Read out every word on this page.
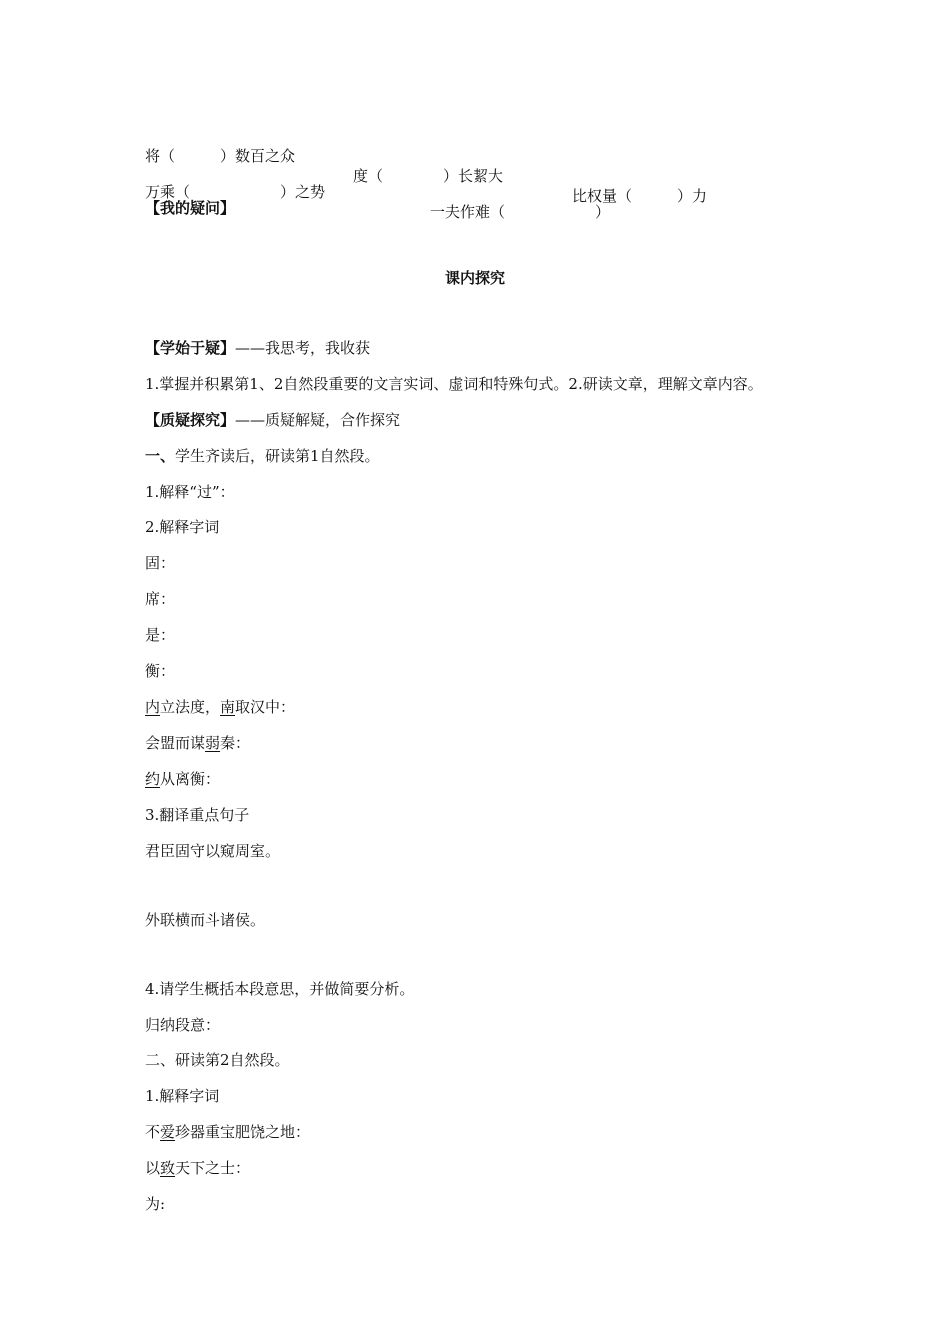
将（　　　）数百之众

度（　　　　）长絜大

比权量（　　　）力

万乘（　　　　　　）之势

一夫作难（　　　　　　）

【我的疑问】
课内探究
【学始于疑】——我思考，我收获
1.掌握并积累第1、2自然段重要的文言实词、虚词和特殊句式。2.研读文章，理解文章内容。
【质疑探究】——质疑解疑，合作探究
一、学生齐读后，研读第1自然段。
1.解释“过”：
2.解释字词
固：
席：
是：
衡：
内立法度，南取汉中：
会盟而谋弱秦：
约从离衡：
3.翻译重点句子
君臣固守以窥周室。
外联横而斗诸侯。
4.请学生概括本段意思，并做简要分析。
归纳段意：
二、研读第2自然段。
1.解释字词
不爱珍器重宝肥饶之地：
以致天下之士：
为:
